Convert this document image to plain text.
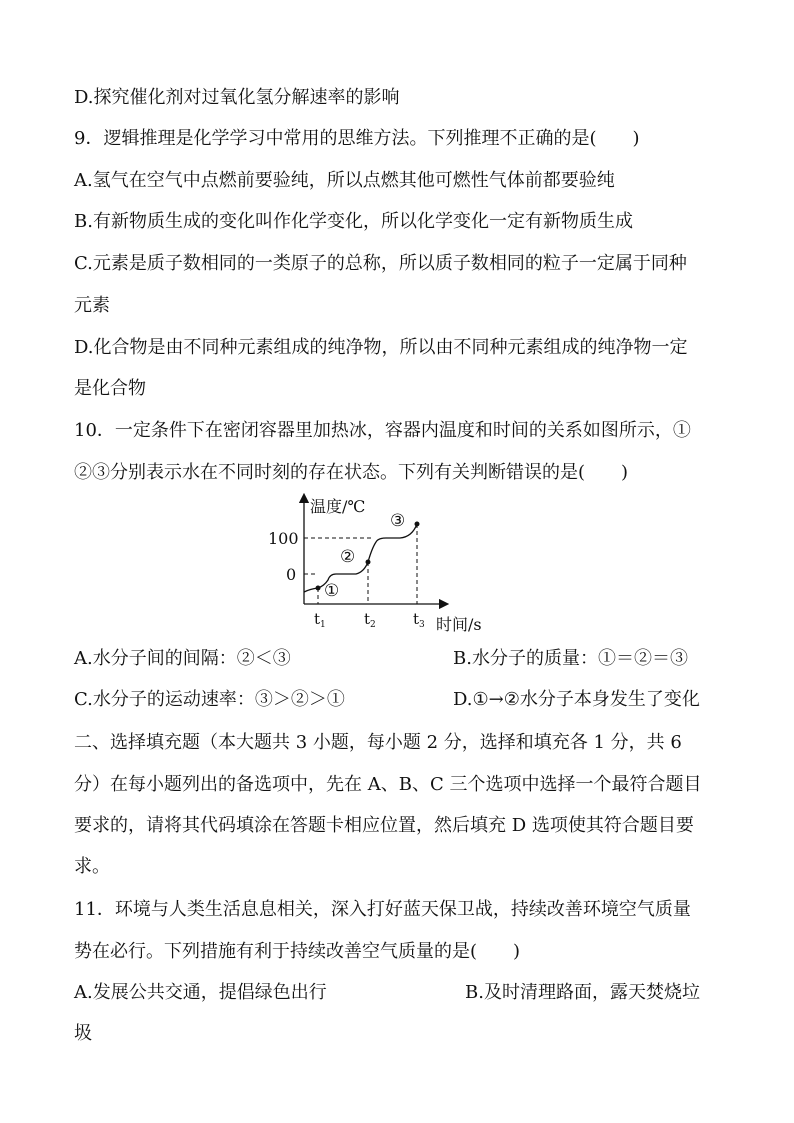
D.探究催化剂对过氧化氢分解速率的影响
9．逻辑推理是化学学习中常用的思维方法。下列推理不正确的是(　　)
A.氢气在空气中点燃前要验纯，所以点燃其他可燃性气体前都要验纯
B.有新物质生成的变化叫作化学变化，所以化学变化一定有新物质生成
C.元素是质子数相同的一类原子的总称，所以质子数相同的粒子一定属于同种
元素
D.化合物是由不同种元素组成的纯净物，所以由不同种元素组成的纯净物一定
是化合物
10．一定条件下在密闭容器里加热冰，容器内温度和时间的关系如图所示，①
②③分别表示水在不同时刻的存在状态。下列有关判断错误的是(　　)
温度/℃
100
0
①
②
③
$t_1$	$t_2$ $t_3$ 时间/s
A.水分子间的间隔：②＜③	B.水分子的质量：①＝②＝③
C.水分子的运动速率：③＞②＞①	D.①→②水分子本身发生了变化
二、选择填充题（本大题共 3 小题，每小题 2 分，选择和填充各 1 分，共 6
分）在每小题列出的备选项中，先在 A、B、C 三个选项中选择一个最符合题目
要求的，请将其代码填涂在答题卡相应位置，然后填充 D 选项使其符合题目要
求。
11．环境与人类生活息息相关，深入打好蓝天保卫战，持续改善环境空气质量
势在必行。下列措施有利于持续改善空气质量的是(　　)
A.发展公共交通，提倡绿色出行	B.及时清理路面，露天焚烧垃
圾
